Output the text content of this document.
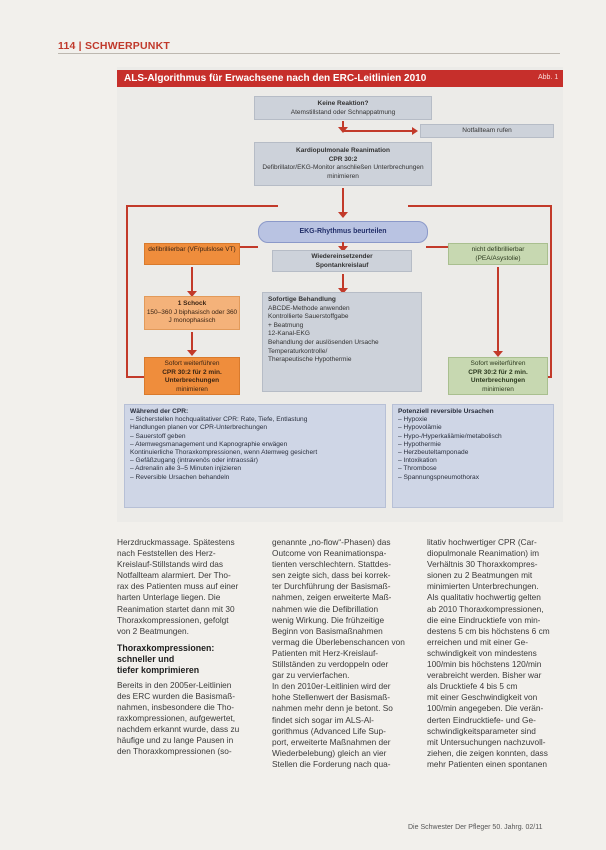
114 | SCHWERPUNKT
ALS-Algorithmus für Erwachsene nach den ERC-Leitlinien 2010	Abb. 1
Keine Reaktion?
Atemstillstand oder Schnappatmung
Notfallteam rufen
Kardiopulmonale Reanimation
CPR 30:2
Defibrillator/EKG-Monitor anschließen Unterbrechungen minimieren
EKG-Rhythmus beurteilen
defibrillierbar (VF/pulslose VT)	nicht defibrillierbar (PEA/Asystolie)
Wiedereinsetzender
Spontankreislauf
1 Schock
150–360 J biphasisch oder 360 J monophasisch
Sofort weiterführen
CPR 30:2 für 2 min.
Unterbrechungen
minimieren
Sofort weiterführen
CPR 30:2 für 2 min.
Unterbrechungen
minimieren
Sofortige Behandlung
ABCDE-Methode anwenden
Kontrollierte Sauerstoffgabe
+ Beatmung
12-Kanal-EKG
Behandlung der auslösenden Ursache
Temperaturkontrolle/
Therapeutische Hypothermie
Während der CPR:
– Sicherstellen hochqualitativer CPR: Rate, Tiefe, Entlastung
Handlungen planen vor CPR-Unterbrechungen
– Sauerstoff geben
– Atemwegsmanagement und Kapnographie erwägen
Kontinuierliche Thoraxkompressionen, wenn Atemweg gesichert
– Gefäßzugang (intravenös oder intraossär)
– Adrenalin alle 3–5 Minuten injizieren
– Reversible Ursachen behandeln
Potenziell reversible Ursachen
– Hypoxie
– Hypovolämie
– Hypo-/Hyperkaliämie/metabolisch
– Hypothermie
– Herzbeuteltamponade
– Intoxikation
– Thrombose
– Spannungspneumothorax
Herzdruckmassage. Spätestens
nach Feststellen des Herz-
Kreislauf-Stillstands wird das
Notfallteam alarmiert. Der Tho-
rax des Patienten muss auf einer
harten Unterlage liegen. Die
Reanimation startet dann mit 30
Thoraxkompressionen, gefolgt
von 2 Beatmungen.
Thoraxkompressionen:
schneller und
tiefer komprimieren
Bereits in den 2005er-Leitlinien
des ERC wurden die Basismaß-
nahmen, insbesondere die Tho-
raxkompressionen, aufgewertet,
nachdem erkannt wurde, dass zu
häufige und zu lange Pausen in
den Thoraxkompressionen (so-
genannte „no-flow“-Phasen) das
Outcome von Reanimationspa-
tienten verschlechtern. Stattdes-
sen zeigte sich, dass bei korrek-
ter Durchführung der Basismaß-
nahmen, zeigen erweiterte Maß-
nahmen wie die Defibrillation
wenig Wirkung. Die frühzeitige
Beginn von Basismaßnahmen
vermag die Überlebenschancen von
Patienten mit Herz-Kreislauf-
Stillständen zu verdoppeln oder
gar zu vervierfachen.
In den 2010er-Leitlinien wird der
hohe Stellenwert der Basismaß-
nahmen mehr denn je betont. So
findet sich sogar im ALS-Al-
gorithmus (Advanced Life Sup-
port, erweiterte Maßnahmen der
Wiederbelebung) gleich an vier
Stellen die Forderung nach qua-
litativ hochwertiger CPR (Car-
diopulmonale Reanimation) im
Verhältnis 30 Thoraxkompres-
sionen zu 2 Beatmungen mit
minimierten Unterbrechungen.
Als qualitativ hochwertig gelten
ab 2010 Thoraxkompressionen,
die eine Eindrucktiefe von min-
destens 5 cm bis höchstens 6 cm
erreichen und mit einer Ge-
schwindigkeit von mindestens
100/min bis höchstens 120/min
verabreicht werden. Bisher war
als Drucktiefe 4 bis 5 cm
mit einer Geschwindigkeit von
100/min angegeben. Die verän-
derten Eindrucktiefe- und Ge-
schwindigkeitsparameter sind
mit Untersuchungen nachzuvoll-
ziehen, die zeigen konnten, dass
mehr Patienten einen spontanen
Die Schwester Der Pfleger 50. Jahrg. 02/11
